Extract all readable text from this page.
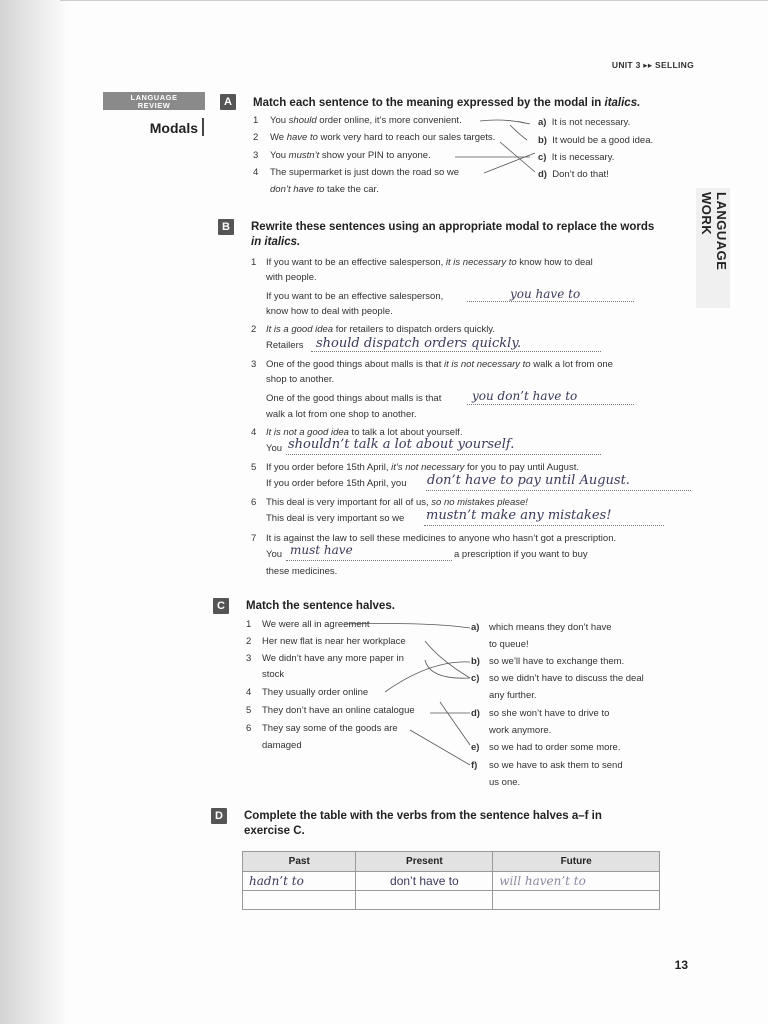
UNIT 3 ▸▸ SELLING
LANGUAGE
REVIEW
Modals
LANGUAGE WORK
A	Match each sentence to the meaning expressed by the modal in italics.
1 You should order online, it’s more convenient.
2 We have to work very hard to reach our sales targets.
3 You mustn’t show your PIN to anyone.
4 The supermarket is just down the road so we
don’t have to take the car.
a) It is not necessary.
b) It would be a good idea.
c) It is necessary.
d) Don’t do that!
B	Rewrite these sentences using an appropriate modal to replace the words
in italics.
1 If you want to be an effective salesperson, it is necessary to know how to deal
with people.
If you want to be an effective salesperson,	you have to
know how to deal with people.
2 It is a good idea for retailers to dispatch orders quickly.
Retailers should dispatch orders quickly.
3 One of the good things about malls is that it is not necessary to walk a lot from one
shop to another.
One of the good things about malls is that	you don’t have to
walk a lot from one shop to another.
4 It is not a good idea to talk a lot about yourself.
You shouldn’t talk a lot about yourself.
5 If you order before 15th April, it’s not necessary for you to pay until August.
If you order before 15th April, you don’t have to pay until August.
6 This deal is very important for all of us, so no mistakes please!
This deal is very important so we mustn’t make any mistakes!
7 It is against the law to sell these medicines to anyone who hasn’t got a prescription.
You must have	a prescription if you want to buy
these medicines.
C	Match the sentence halves.
1 We were all in agreement
2 Her new flat is near her workplace
3 We didn’t have any more paper in
stock
4 They usually order online
5 They don’t have an online catalogue
6 They say some of the goods are
damaged
a) which means they don’t have
to queue!
b) so we’ll have to exchange them.
c) so we didn’t have to discuss the deal
any further.
d) so she won’t have to drive to
work anymore.
e) so we had to order some more.
f) so we have to ask them to send
us one.
D	Complete the table with the verbs from the sentence halves a–f in
exercise C.
Past	Present	Future
hadn’t to	don’t have to	will haven’t to

13
